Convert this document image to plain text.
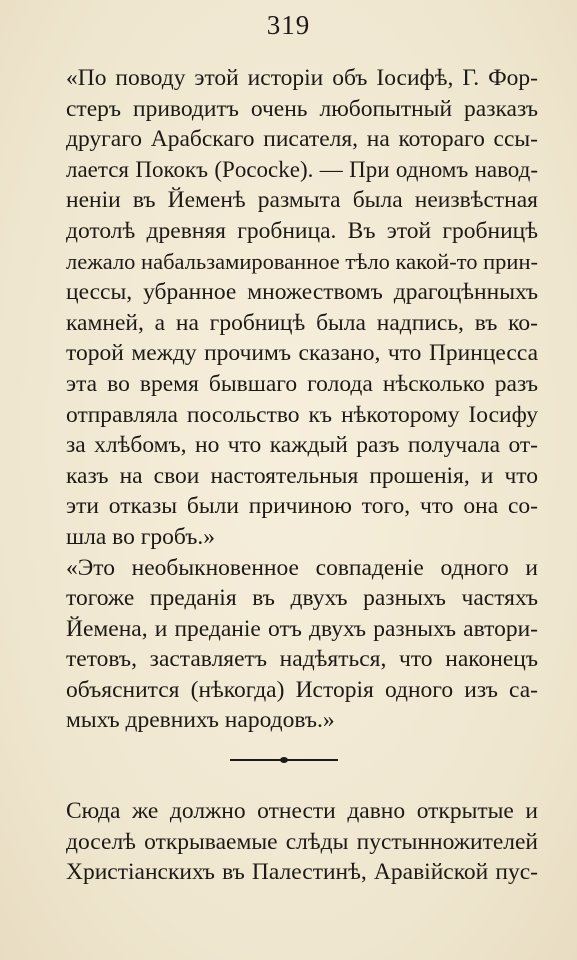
319
«По поводу этой исторіи объ Іосифѣ, Г. Фор-
стеръ приводитъ очень любопытный разказъ
другаго Арабскаго писателя, на котораго ссы-
лается Пококъ (Pococke). — При одномъ навод-
неніи въ Йеменѣ размыта была неизвѣстная
дотолѣ древняя гробница. Въ этой гробницѣ
лежало набальзамированное тѣло какой-то прин-
цессы, убранное множествомъ драгоцѣнныхъ
камней, а на гробницѣ была надпись, въ ко-
торой между прочимъ сказано, что Принцесса
эта во время бывшаго голода нѣсколько разъ
отправляла посольство къ нѣкоторому Іосифу
за хлѣбомъ, но что каждый разъ получала от-
казъ на свои настоятельныя прошенія, и что
эти отказы были причиною того, что она со-
шла во гробъ.»
«Это необыкновенное совпаденіе одного и
тогоже преданія въ двухъ разныхъ частяхъ
Йемена, и преданіе отъ двухъ разныхъ автори-
тетовъ, заставляетъ надѣяться, что наконецъ
объяснится (нѣкогда) Исторія одного изъ са-
мыхъ древнихъ народовъ.»
Сюда же должно отнести давно открытые и
доселѣ открываемые слѣды пустынножителей
Христіанскихъ въ Палестинѣ, Аравійской пус-
